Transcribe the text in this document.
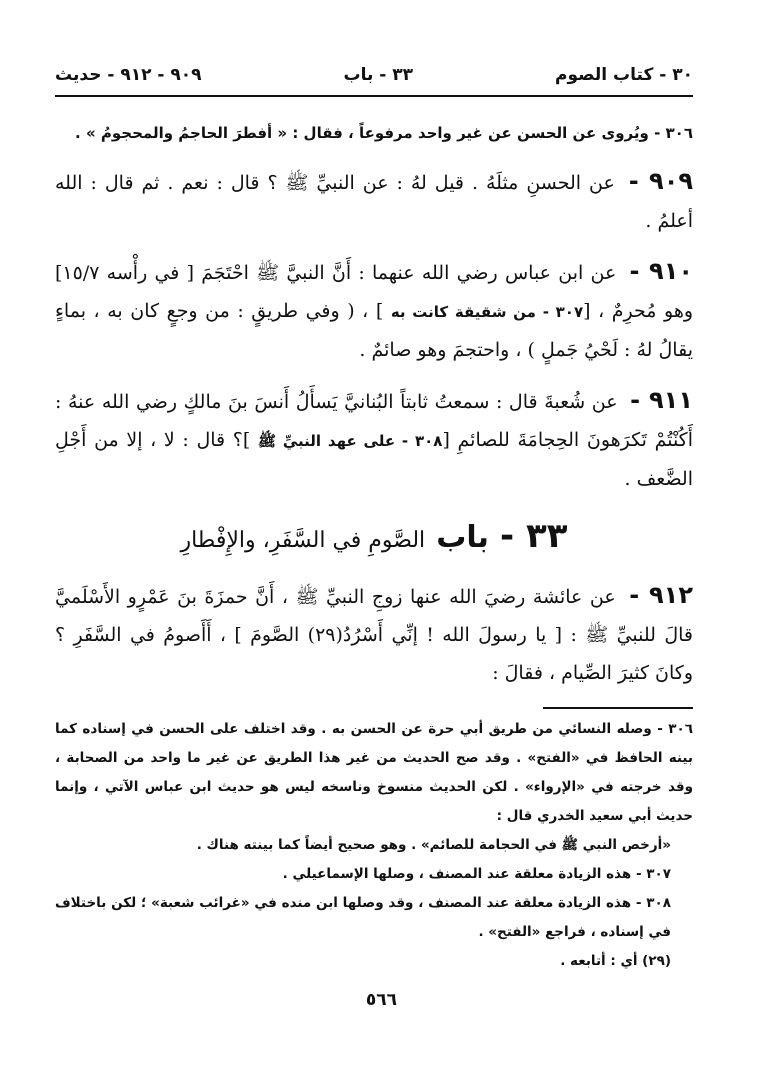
٣٠ - كتاب الصوم
٣٣ - باب
٩٠٩ - ٩١٢ - حديث

٣٠٦ - ويُروى عن الحسن عن غير واحد مرفوعاً ، فقال : « أفطرَ الحاجمُ والمحجومُ » .

٩٠٩ - عن الحسنِ مثلَهُ . قيل لهُ : عن النبيِّ ﷺ ؟ قال : نعم . ثم قال : الله أعلمُ .

٩١٠ - عن ابن عباس رضي الله عنهما : أَنَّ النبيَّ ﷺ احْتَجَمَ [ في رأْسه ١٥/٧] وهو مُحرِمٌ ، [٣٠٧ - من شقيقة كانت به ] ، ( وفي طريقٍ : من وجعٍ كان به ، بماءٍ يقالُ لهُ : لَحْيُ جَملٍ ) ، واحتجمَ وهو صائمٌ .

٩١١ - عن شُعبةَ قال : سمعتُ ثابتاً البُنانيَّ يَسأَلُ أَنسَ بنَ مالكٍ رضي الله عنهُ : أَكُنْتُمْ تَكرَهونَ الحِجامَةَ للصائمِ [٣٠٨ - على عهد النبيِّ ﷺ ]؟ قال : لا ، إلا من أَجْلِ الضَّعف .

٣٣ - باب الصَّومِ في السَّفَرِ، والإِفْطارِ

٩١٢ - عن عائشة رضيَ الله عنها زوجِ النبيِّ ﷺ ، أَنَّ حمزَةَ بنَ عَمْرٍو الأَسْلَميَّ قالَ للنبيِّ ﷺ : [ يا رسولَ الله ! إنِّي أَسْرُدُ(٢٩) الصَّومَ ] ، أَأَصومُ في السَّفَرِ ؟ وكانَ كثيرَ الصِّيام ، فقالَ :

٣٠٦ - وصله النسائي من طريق أبي حرة عن الحسن به . وقد اختلف على الحسن في إسناده كما بينه الحافظ في «الفتح» . وقد صح الحديث من غير هذا الطريق عن غير ما واحد من الصحابة ، وقد خرجته في «الإرواء» . لكن الحديث منسوخ وناسخه ليس هو حديث ابن عباس الآتي ، وإنما حديث أبي سعيد الخدري قال :

«أرخص النبي ﷺ في الحجامة للصائم» . وهو صحيح أيضاً كما بينته هناك .

٣٠٧ - هذه الزيادة معلقة عند المصنف ، وصلها الإسماعيلي .

٣٠٨ - هذه الزيادة معلقة عند المصنف ، وقد وصلها ابن منده في «غرائب شعبة» ؛ لكن باختلاف في إسناده ، فراجع «الفتح» .

(٢٩) أي : أتابعه .

٥٦٦
